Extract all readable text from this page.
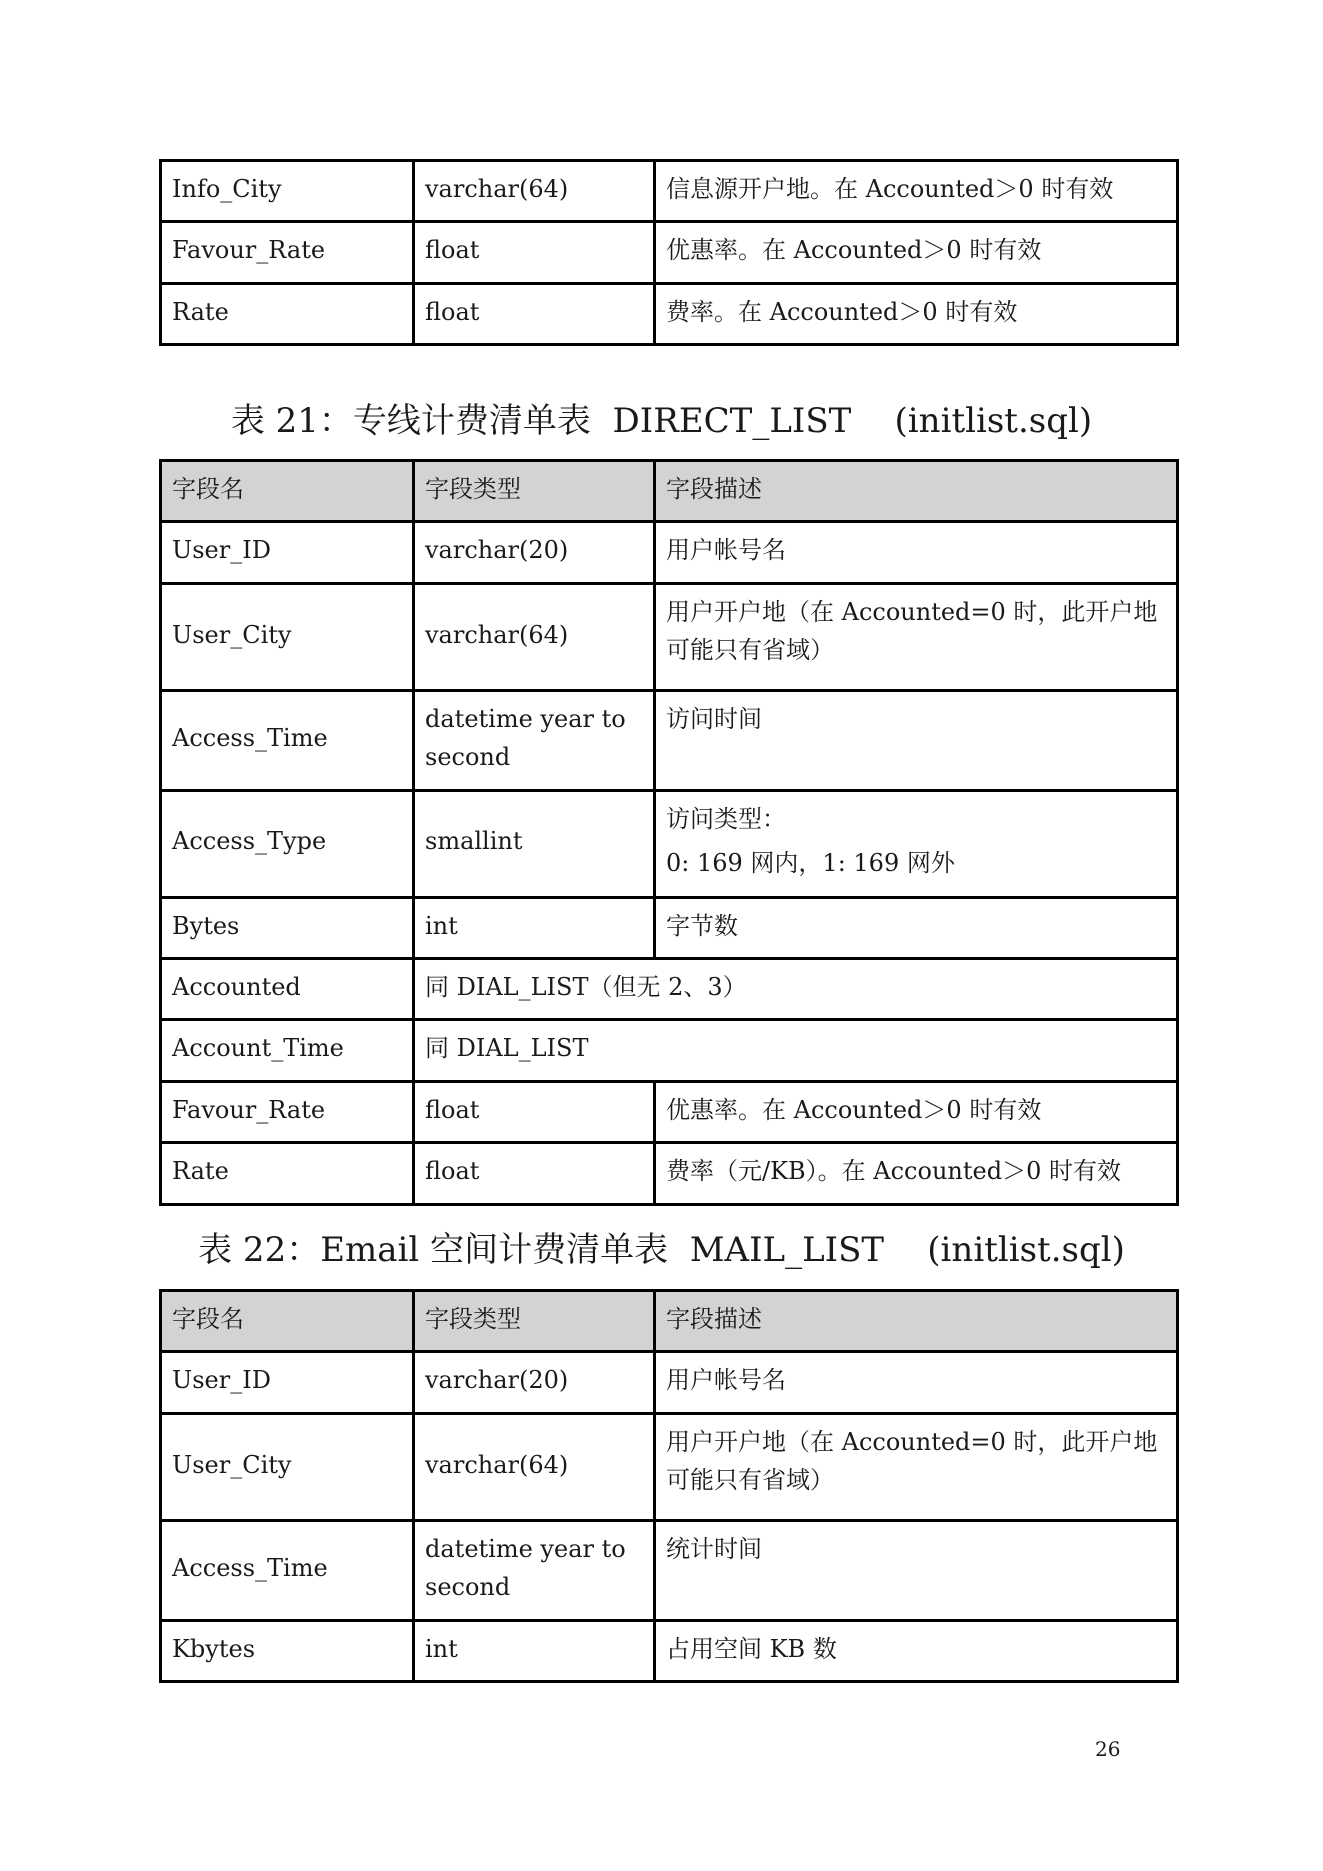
Info_City	varchar(64)	信息源开户地。在 Accounted＞0 时有效
Favour_Rate	float	优惠率。在 Accounted＞0 时有效
Rate	float	费率。在 Accounted＞0 时有效
表 21：专线计费清单表  DIRECT_LIST    (initlist.sql)
字段名	字段类型	字段描述
User_ID	varchar(20)	用户帐号名
User_City	varchar(64)	用户开户地（在 Accounted=0 时，此开户地可能只有省域）
Access_Time	datetime year to second	访问时间
Access_Type	smallint	访问类型：
0: 169 网内，1: 169 网外

Bytes	int	字节数
Accounted	同 DIAL_LIST（但无 2、3）	
Account_Time	同 DIAL_LIST	
Favour_Rate	float	优惠率。在 Accounted＞0 时有效
Rate	float	费率（元/KB）。在 Accounted＞0 时有效
表 22：Email 空间计费清单表  MAIL_LIST    (initlist.sql)
字段名	字段类型	字段描述
User_ID	varchar(20)	用户帐号名
User_City	varchar(64)	用户开户地（在 Accounted=0 时，此开户地可能只有省域）
Access_Time	datetime year to second	统计时间
Kbytes	int	占用空间 KB 数
26
